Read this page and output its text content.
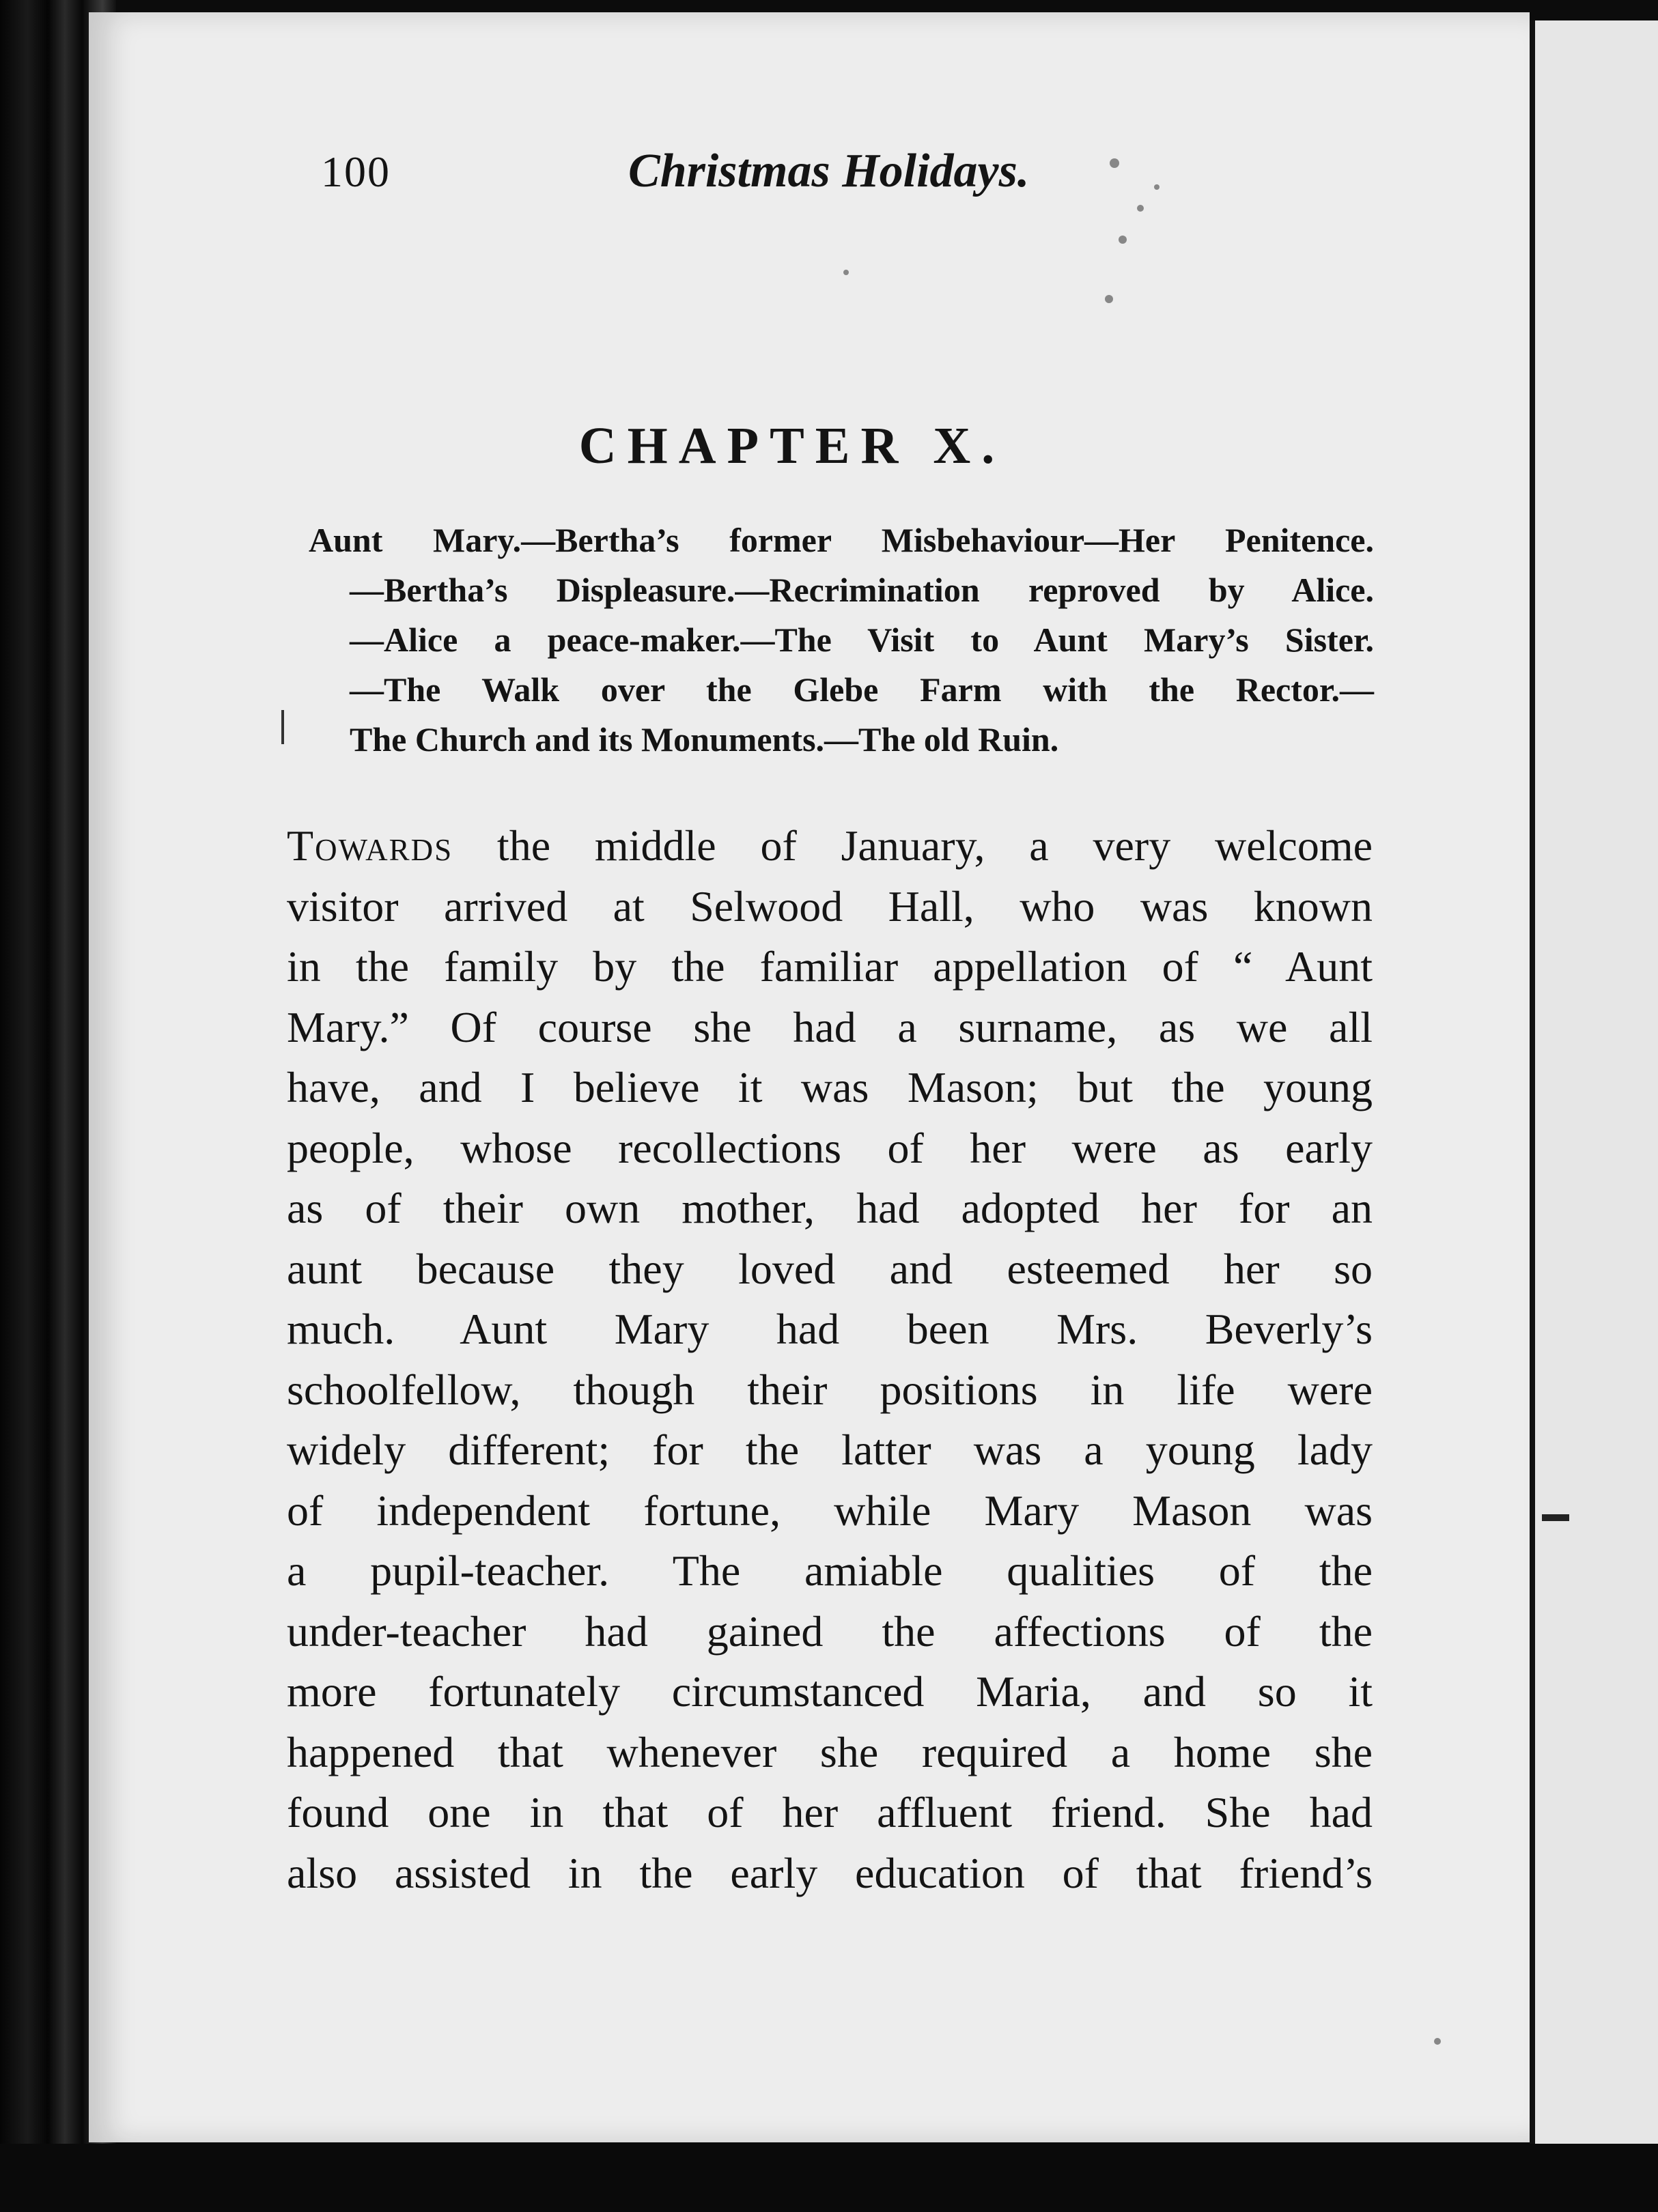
100	Christmas Holidays.
CHAPTER X.
Aunt Mary.—Bertha’s former Misbehaviour—Her Penitence.
—Bertha’s Displeasure.—Recrimination reproved by Alice.
—Alice a peace-maker.—The Visit to Aunt Mary’s Sister.
—The Walk over the Glebe Farm with the Rector.—
The Church and its Monuments.—The old Ruin.
Towards the middle of January, a very welcome
visitor arrived at Selwood Hall, who was known
in the family by the familiar appellation of “ Aunt
Mary.” Of course she had a surname, as we all
have, and I believe it was Mason; but the young
people, whose recollections of her were as early
as of their own mother, had adopted her for an
aunt because they loved and esteemed her so
much. Aunt Mary had been Mrs. Beverly’s
schoolfellow, though their positions in life were
widely different; for the latter was a young lady
of independent fortune, while Mary Mason was
a pupil-teacher. The amiable qualities of the
under-teacher had gained the affections of the
more fortunately circumstanced Maria, and so it
happened that whenever she required a home she
found one in that of her affluent friend. She had
also assisted in the early education of that friend’s
